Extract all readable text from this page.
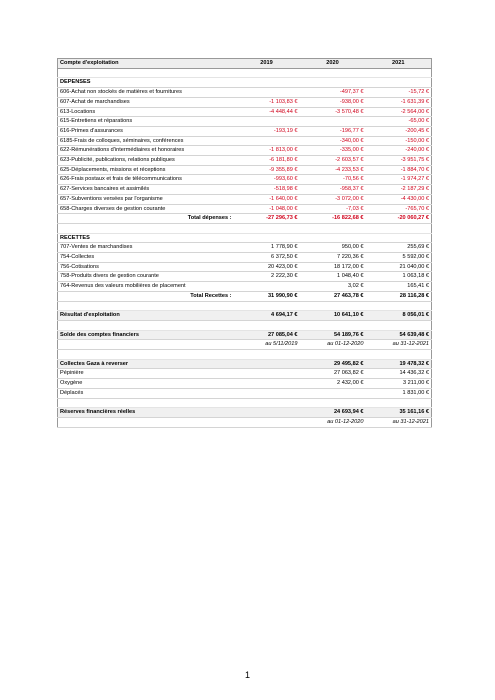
Compte d'exploitation	2019	2020	2021

DEPENSES			
606-Achat non stockés de matières et fournitures		-497,37 €	-15,72 €
607-Achat de marchandises	-1 103,83 €	-938,00 €	-1 631,39 €
613-Locations	-4 448,44 €	-3 570,48 €	-2 564,00 €
615-Entretiens et réparations			-65,00 €
616-Primes d'assurances	-193,19 €	-196,77 €	-200,45 €
6185-Frais de colloques, séminaires, conférences		-340,00 €	-150,00 €
622-Rémunérations d'intermédiaires et honoraires	-1 813,00 €	-335,00 €	-240,00 €
623-Publicité, publications, relations publiques	-6 181,80 €	-2 603,57 €	-3 951,75 €
625-Déplacements, missions et réceptions	-9 355,89 €	-4 233,53 €	-1 884,70 €
626-Frais postaux et frais de télécommunications	-993,60 €	-70,56 €	-1 974,27 €
627-Services bancaires et assimilés	-518,98 €	-958,37 €	-2 187,29 €
657-Subventions versées par l'organisme	-1 640,00 €	-3 072,00 €	-4 430,00 €
658-Charges diverses de gestion courante	-1 048,00 €	-7,03 €	-765,70 €
Total dépenses :	-27 296,73 €	-16 822,68 €	-20 060,27 €

RECETTES			
707-Ventes de marchandises	1 778,90 €	950,00 €	255,69 €
754-Collectes	6 372,50 €	7 220,36 €	5 592,00 €
756-Cotisations	20 423,00 €	18 172,00 €	21 040,00 €
758-Produits divers de gestion courante	2 222,30 €	1 048,40 €	1 063,18 €
764-Revenus des valeurs mobilières de placement		3,02 €	165,41 €
Total Recettes :	31 990,90 €	27 463,78 €	28 116,28 €

Résultat d'exploitation	4 694,17 €	10 641,10 €	8 056,01 €

Solde des comptes financiers	27 085,04 €	54 189,76 €	54 639,48 €
	au 5/11/2019	au 01-12-2020	au 31-12-2021

Collectes Gaza à reverser		29 495,82 €	19 478,32 €
Pépinière		27 063,82 €	14 436,32 €
Oxygène		2 432,00 €	3 211,00 €
Déplacés			1 831,00 €

Réserves financières réelles		24 693,94 €	35 161,16 €
		au 01-12-2020	au 31-12-2021
1
